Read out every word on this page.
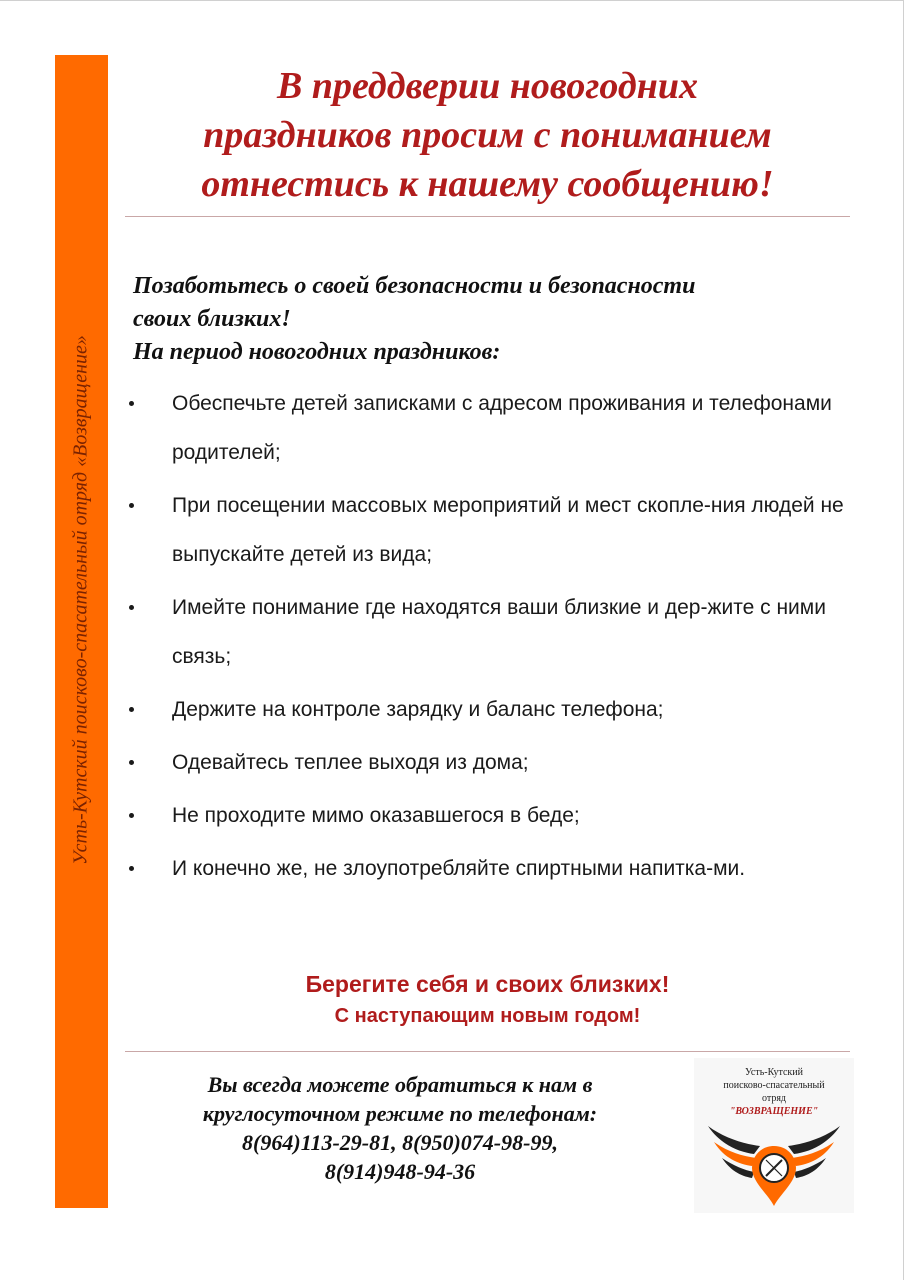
Усть-Кутский поисково-спасательный отряд «Возвращение»
В преддверии новогодних
праздников просим с пониманием
отнестись к нашему сообщению!

Позаботьтесь о своей безопасности и безопасности
своих близких!
На период новогодних праздников:

Обеспечьте детей записками с адресом проживания и телефонами родителей;
При посещении массовых мероприятий и мест скопле-ния людей не выпускайте детей из вида;
Имейте понимание где находятся ваши близкие и дер-жите с ними связь;
Держите на контроле зарядку и баланс телефона;
Одевайтесь теплее выходя из дома;
Не проходите мимо оказавшегося в беде;
И конечно же, не злоупотребляйте спиртными напитка-ми.
Берегите себя и своих близких!
С наступающим новым годом!
Вы всегда можете обратиться к нам в
круглосуточном режиме по телефонам:
8(964)113-29-81, 8(950)074-98-99,
8(914)948-94-36
Усть-Кутский
поисково-спасательный
отряд
"ВОЗВРАЩЕНИЕ"
